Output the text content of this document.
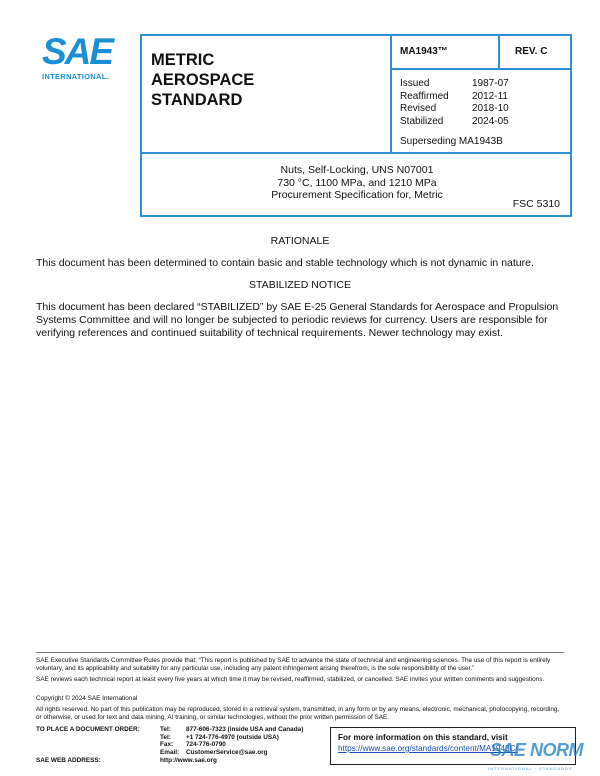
SAE
INTERNATIONAL.
METRIC
AEROSPACE
STANDARD
MA1943™	REV. C
Issued	1987-07
Reaffirmed	2012-11
Revised	2018-10
Stabilized	2024-05
Superseding MA1943B
Nuts, Self-Locking, UNS N07001
730 °C, 1100 MPa, and 1210 MPa
Procurement Specification for, Metric
FSC 5310
RATIONALE
This document has been determined to contain basic and stable technology which is not dynamic in nature.
STABILIZED NOTICE
This document has been declared “STABILIZED” by SAE E-25 General Standards for Aerospace and Propulsion Systems Committee and will no longer be subjected to periodic reviews for currency. Users are responsible for verifying references and continued suitability of technical requirements. Newer technology may exist.
SAE Executive Standards Committee Rules provide that: “This report is published by SAE to advance the state of technical and engineering sciences. The use of this report is entirely voluntary, and its applicability and suitability for any particular use, including any patent infringement arising therefrom, is the sole responsibility of the user.”
SAE reviews each technical report at least every five years at which time it may be revised, reaffirmed, stabilized, or cancelled. SAE invites your written comments and suggestions.
Copyright © 2024 SAE International
All rights reserved. No part of this publication may be reproduced, stored in a retrieval system, transmitted, in any form or by any means, electronic, mechanical, photocopying, recording, or otherwise, or used for text and data mining, AI training, or similar technologies, without the prior written permission of SAE.
TO PLACE A DOCUMENT ORDER:	Tel:	877-606-7323 (inside USA and Canada)
Tel:	+1 724-776-4970 (outside USA)
Fax:	724-776-0790
Email:	CustomerService@sae.org
SAE WEB ADDRESS:	http://www.sae.org
For more information on this standard, visit
https://www.sae.org/standards/content/MA1943C/
SAE NORM
INTERNATIONAL · STANDARDS
